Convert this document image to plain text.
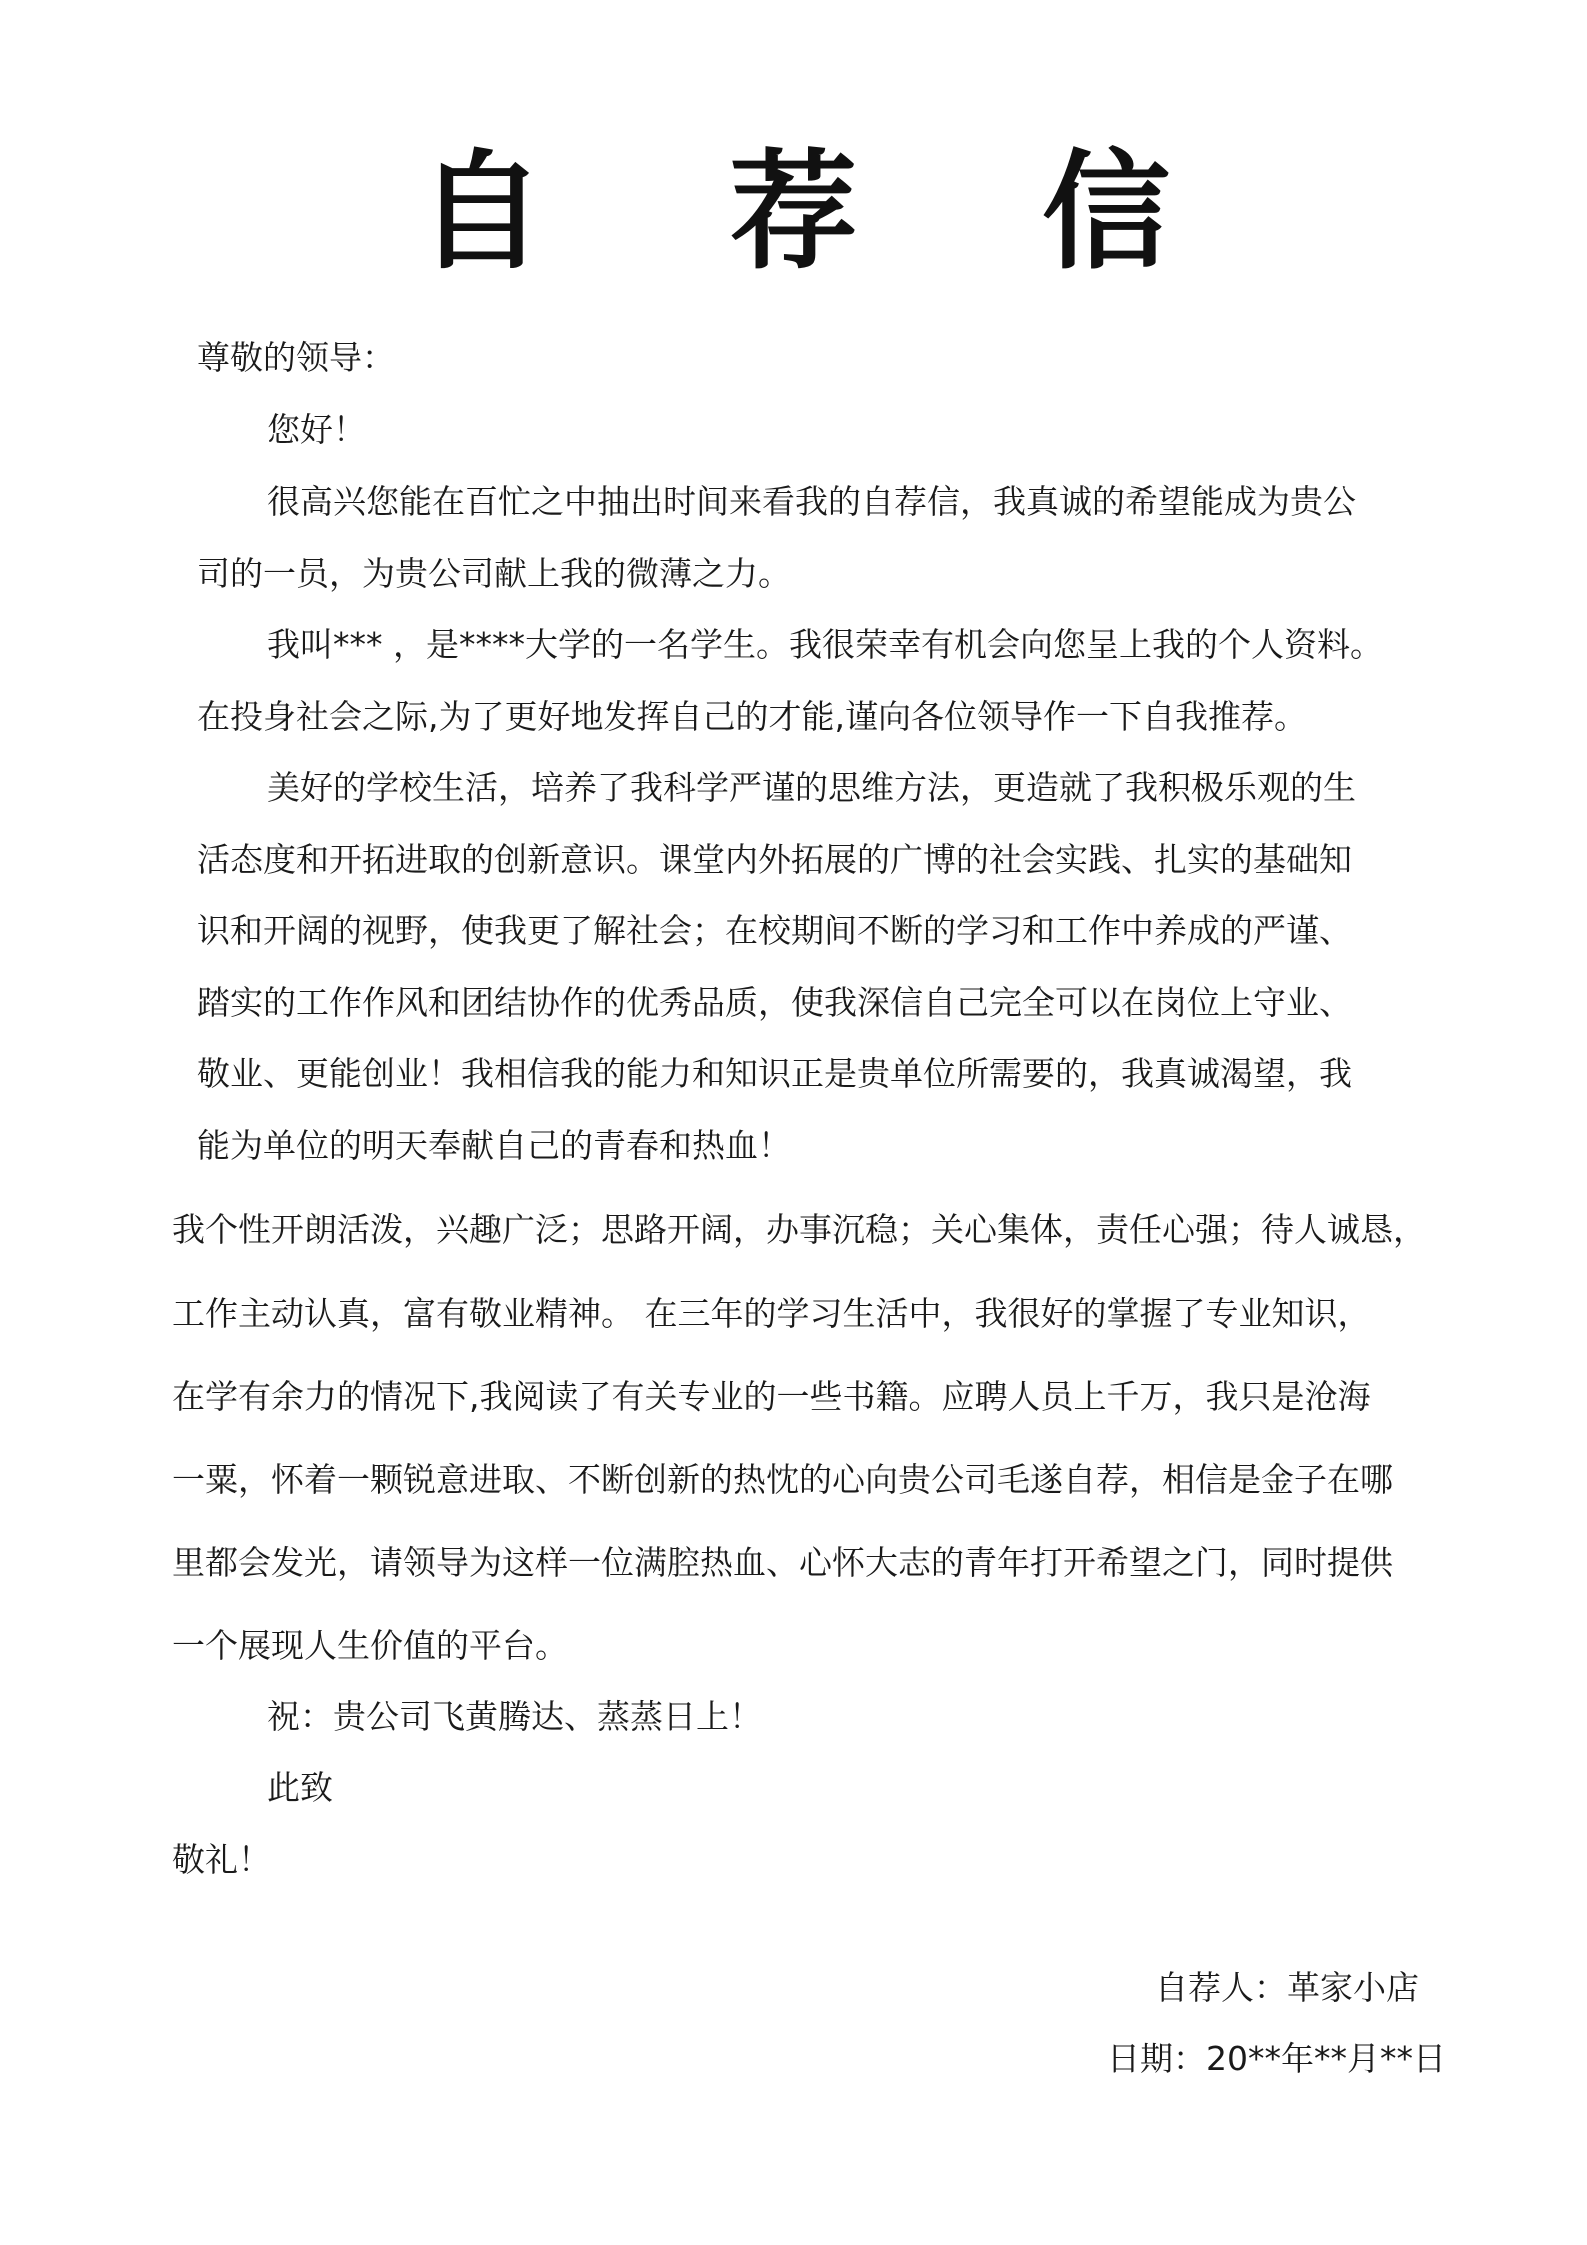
自 荐 信
尊敬的领导：
您好！
很高兴您能在百忙之中抽出时间来看我的自荐信，我真诚的希望能成为贵公
司的一员，为贵公司献上我的微薄之力。
我叫*** ，是****大学的一名学生。我很荣幸有机会向您呈上我的个人资料。
在投身社会之际,为了更好地发挥自己的才能,谨向各位领导作一下自我推荐。
美好的学校生活，培养了我科学严谨的思维方法，更造就了我积极乐观的生
活态度和开拓进取的创新意识。课堂内外拓展的广博的社会实践、扎实的基础知
识和开阔的视野，使我更了解社会；在校期间不断的学习和工作中养成的严谨、
踏实的工作作风和团结协作的优秀品质，使我深信自己完全可以在岗位上守业、
敬业、更能创业！我相信我的能力和知识正是贵单位所需要的，我真诚渴望，我
能为单位的明天奉献自己的青春和热血！
我个性开朗活泼，兴趣广泛；思路开阔，办事沉稳；关心集体，责任心强；待人诚恳，
工作主动认真，富有敬业精神。 在三年的学习生活中，我很好的掌握了专业知识，
在学有余力的情况下,我阅读了有关专业的一些书籍。应聘人员上千万，我只是沧海
一粟，怀着一颗锐意进取、不断创新的热忱的心向贵公司毛遂自荐，相信是金子在哪
里都会发光，请领导为这样一位满腔热血、心怀大志的青年打开希望之门，同时提供
一个展现人生价值的平台。
祝：贵公司飞黄腾达、蒸蒸日上！
此致
敬礼！
自荐人：革家小店
日期：20**年**月**日
